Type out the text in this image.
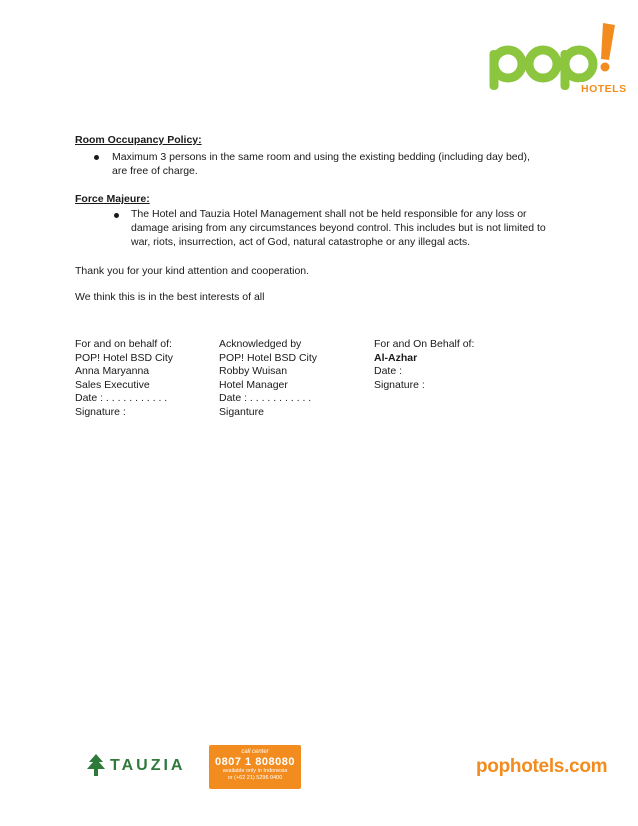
HOTELS
Room Occupancy Policy:
Maximum 3 persons in the same room and using the existing bedding (including day bed),
are free of charge.
Force Majeure:
The Hotel and Tauzia Hotel Management shall not be held responsible for any loss or
damage arising from any circumstances beyond control. This includes but is not limited to
war, riots, insurrection, act of God, natural catastrophe or any illegal acts.
Thank you for your kind attention and cooperation.
We think this is in the best interests of all
For and on behalf of:
POP! Hotel BSD City
Anna Maryanna
Sales Executive
Date : . . . . . . . . . . .
Signature :
Acknowledged by
POP! Hotel BSD City
Robby Wuisan
Hotel Manager
Date : . . . . . . . . . . .
Siganture
For and On Behalf of:
Al-Azhar
Date :
Signature :
TAUZIA
call center
0807 1 808080
available only in Indonesia
or (+62 21) 5296 0400
pophotels.com
